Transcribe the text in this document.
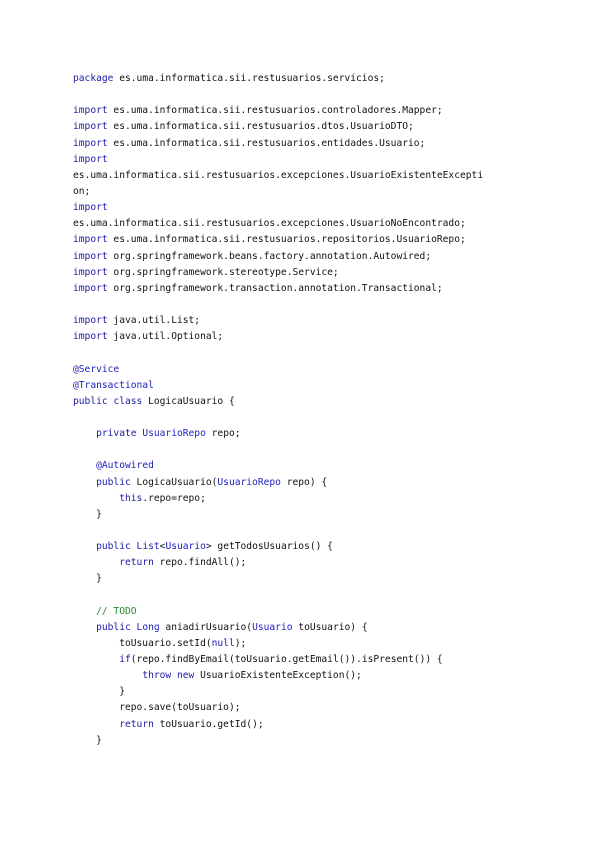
package es.uma.informatica.sii.restusuarios.servicios;
import es.uma.informatica.sii.restusuarios.controladores.Mapper;
import es.uma.informatica.sii.restusuarios.dtos.UsuarioDTO;
import es.uma.informatica.sii.restusuarios.entidades.Usuario;
import
es.uma.informatica.sii.restusuarios.excepciones.UsuarioExistenteExcepti
on;
import
es.uma.informatica.sii.restusuarios.excepciones.UsuarioNoEncontrado;
import es.uma.informatica.sii.restusuarios.repositorios.UsuarioRepo;
import org.springframework.beans.factory.annotation.Autowired;
import org.springframework.stereotype.Service;
import org.springframework.transaction.annotation.Transactional;
import java.util.List;
import java.util.Optional;
@Service
@Transactional
public class LogicaUsuario {
private UsuarioRepo repo;
@Autowired
public LogicaUsuario(UsuarioRepo repo) {
this.repo=repo;
}
public List<Usuario> getTodosUsuarios() {
return repo.findAll();
}
// TODO
public Long aniadirUsuario(Usuario toUsuario) {
toUsuario.setId(null);
if(repo.findByEmail(toUsuario.getEmail()).isPresent()) {
throw new UsuarioExistenteException();
}
repo.save(toUsuario);
return toUsuario.getId();
}
